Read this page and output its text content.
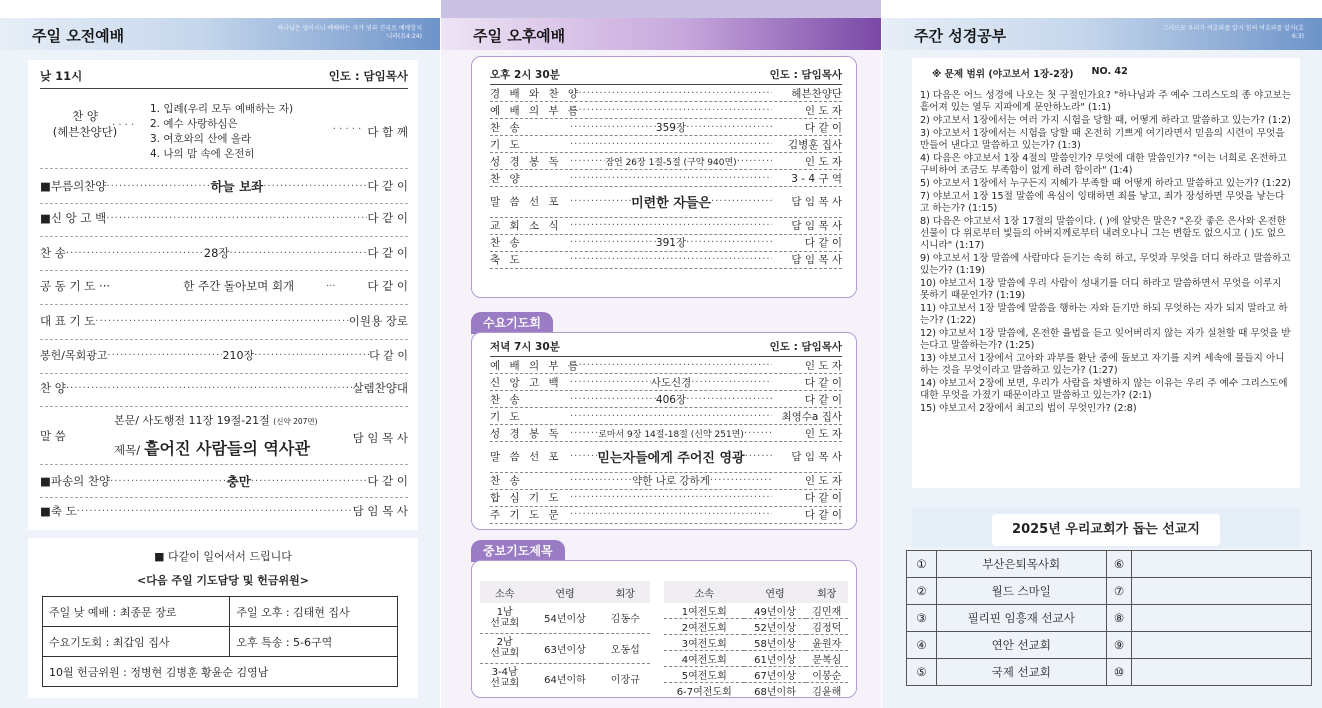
주일 오전예배	하나님은 영이시니 예배하는 자가 영과 진리로 예배할지니라(요4:24)
낮 11시	인도 : 담임목사
찬 양
(헤븐찬양단)
· · · ·
1. 입례(우리 모두 예배하는 자)
2. 예수 사랑하심은
3. 여호와의 산에 올라
4. 나의 맘 속에 온전히
· · · · · 다 함 께
■부름의찬양 ·····	하늘 보좌 ·····	다 같 이
■신 앙 고 백 ·····	다 같 이
찬 송 ·····	28장 ·····	다 같 이
공 동 기 도 ···	한 주간 돌아보며 회개	···	다 같 이
대 표 기 도 ·····	이원용 장로
봉헌/목회광고 ·····	210장 ·····	다 같 이
찬 양 ·····	살렘찬양대
말 씀
본문/ 사도행전 11장 19절-21절 (신약 207면)
제목/ 흩어진 사람들의 역사관
담 임 목 사
■파송의 찬양 ·····	충만 ·····	다 같 이
■축 도 ·····	담 임 목 사
■ 다같이 일어서서 드립니다
<다음 주일 기도담당 및 헌금위원>
주일 낮 예배 : 최종문 장로	주일 오후 : 김태현 집사
수요기도회 : 최갑임 집사	오후 특송 : 5-6구역
10월 헌금위원 : 정병현 김병훈 황윤순 김영남	
주일 오후예배
오후 2시 30분	인도 : 담임목사
경 배 와 찬 양 ·····	헤븐찬양단
예 배 의 부 름 ·····	인 도 자
찬 송 ·····	359장 ·····	다 같 이
기 도 ·····	김병훈 집사
성 경 봉 독 ·····	잠언 26장 1절-5절 (구약 940면) ·····	인 도 자
찬 양 ·····	3 - 4 구 역
말 씀 선 포 ·····	미련한 자들은 ·····	담 임 목 사
교 회 소 식 ·····	담 임 목 사
찬 송 ·····	391장 ·····	다 같 이
축 도 ·····	담 임 목 사
수요기도회
저녁 7시 30분	인도 : 담임목사
예 배 의 부 름 ·····	인 도 자
신 앙 고 백 ·····	사도신경 ·····	다 같 이
찬 송 ·····	406장 ·····	다 같 이
기 도 ·····	최영수a 집사
성 경 봉 독 ·····	로마서 9장 14절-18절 (신약 251면) ·····	인 도 자
말 씀 선 포 ·····	믿는자들에게 주어진 영광 ·····	담 임 목 사
찬 송 ·····	약한 나로 강하게 ·····	인 도 자
합 심 기 도 ·····	다 같 이
주 기 도 문 ·····	다 같 이
중보기도제목
소속	연령	회장
1남
선교회	54년이상	김동수
2남
선교회	63년이상	오동섭
3-4남
선교회	64년이하	이장규
소속	연령	회장
1여전도회	49년이상	김민재
2여전도회	52년이상	김정덕
3여전도회	58년이상	윤원자
4여전도회	61년이상	문복심
5여전도회	67년이상	이봉순
6-7여전도회	68년이하	김윤해
주간 성경공부	그러므로 우리가 여호와를 알자 힘써 여호와를 알자(호6:3)
※ 문제 범위 (야고보서 1장-2장) NO. 42
1) 다음은 어느 성경에 나오는 첫 구절인가요? "하나님과 주 예수 그리스도의 종 야고보는 흩어져 있는 열두 지파에게 문안하노라" (1:1)
2) 야고보서 1장에서는 여러 가지 시험을 당할 때, 어떻게 하라고 말씀하고 있는가? (1:2)
3) 야고보서 1장에서는 시험을 당할 때 온전히 기쁘게 여기라면서 믿음의 시련이 무엇을 만들어 낸다고 말씀하고 있는가? (1:3)
4) 다음은 야고보서 1장 4절의 말씀인가? 무엇에 대한 말씀인가? "이는 너희로 온전하고 구비하여 조금도 부족함이 없게 하려 함이라" (1:4)
5) 야고보서 1장에서 누구든지 지혜가 부족할 때 어떻게 하라고 말씀하고 있는가? (1:22)
7) 야보고서 1장 15절 말씀에 욕심이 잉태하면 죄를 낳고, 죄가 장성하면 무엇을 낳는다고 하는가? (1:15)
8) 다음은 야고보서 1장 17절의 말씀이다. ( )에 알맞은 말은? "온갖 좋은 은사와 온전한 선물이 다 위로부터 빛들의 아버지께로부터 내려오나니 그는 변함도 없으시고 ( )도 없으시니라" (1:17)
9) 야고보서 1장 말씀에 사람마다 듣기는 속히 하고, 무엇과 무엇을 더디 하라고 말씀하고 있는가? (1:19)
10) 야보고서 1장 말씀에 우리 사람이 성내기를 더디 하라고 말씀하면서 무엇을 이루지 못하기 때문인가? (1:19)
11) 야고보서 1장 말씀에 말씀을 행하는 자와 듣기만 하되 무엇하는 자가 되지 말라고 하는가? (1:22)
12) 야고보서 1장 말씀에, 온전한 율법을 듣고 잊어버리지 않는 자가 실천할 때 무엇을 받는다고 말씀하는가? (1:25)
13) 야보고서 1장에서 고아와 과부를 환난 중에 돌보고 자기를 지켜 세속에 물들지 아니하는 것을 무엇이라고 말씀하고 있는가? (1:27)
14) 야보고서 2장에 보면, 우리가 사람을 차별하지 않는 이유는 우리 주 예수 그리스도에 대한 무엇을 가졌기 때문이라고 말씀하고 있는가? (2:1)
15) 야보고서 2장에서 최고의 법이 무엇인가? (2:8)
2025년 우리교회가 돕는 선교지
①	부산은퇴목사회	⑥	
②	월드 스마일	⑦	
③	필리핀 임흥재 선교사	⑧	
④	연안 선교회	⑨	
⑤	국제 선교회	⑩	
